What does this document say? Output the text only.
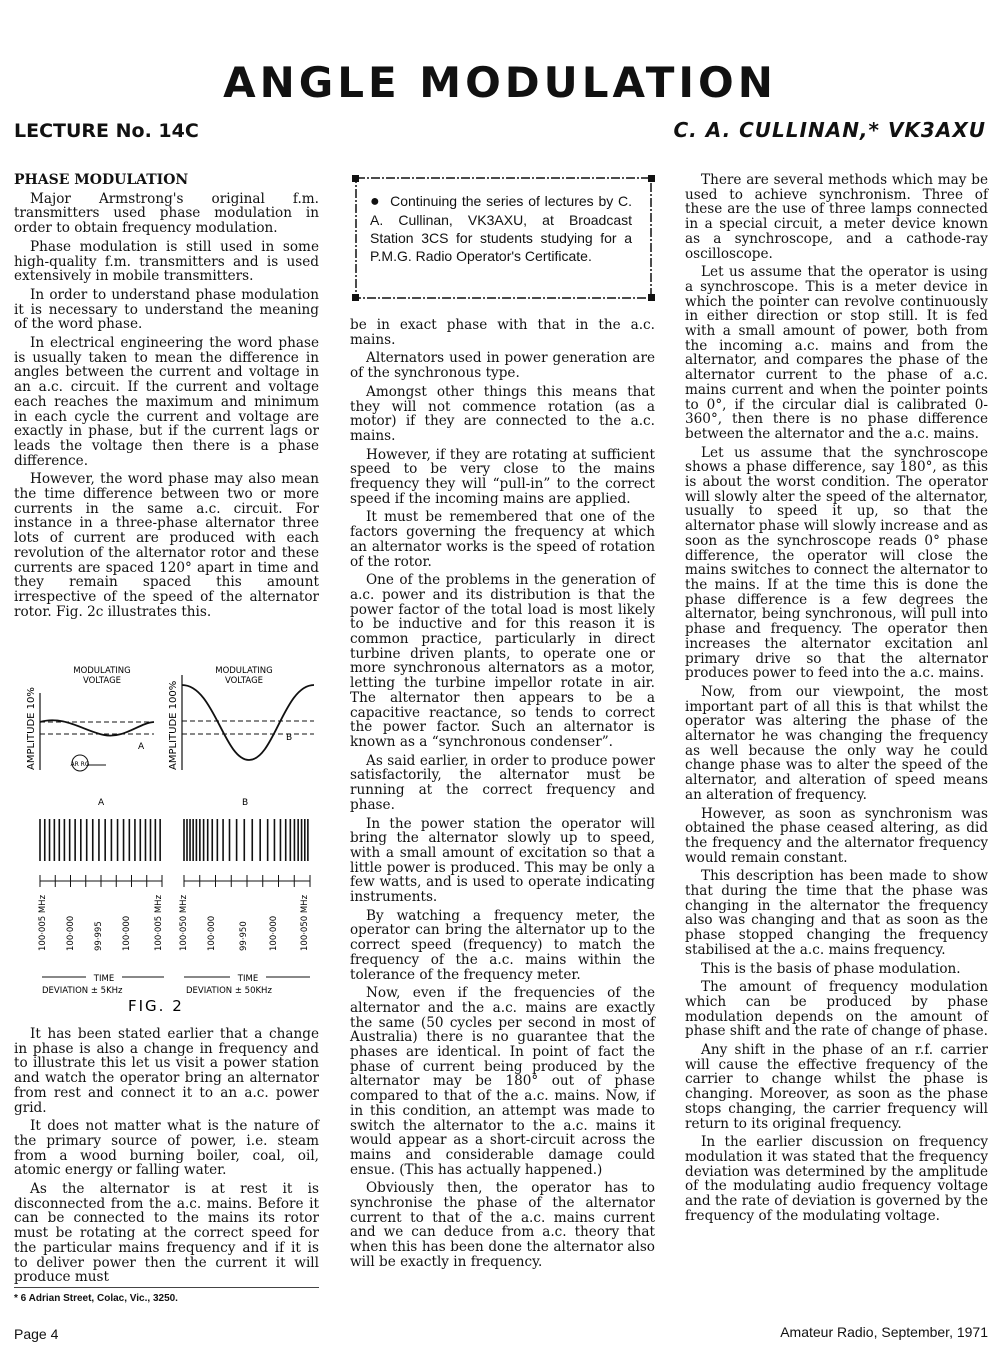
ANGLE MODULATION
LECTURE No. 14C	C. A. CULLINAN,* VK3AXU

PHASE MODULATION

Major Armstrong's original f.m. transmitters used phase modulation in order to obtain frequency modulation.

Phase modulation is still used in some high-quality f.m. transmitters and is used extensively in mobile transmitters.

In order to understand phase modulation it is necessary to understand the meaning of the word phase.

In electrical engineering the word phase is usually taken to mean the difference in angles between the current and voltage in an a.c. circuit. If the current and voltage each reaches the maximum and minimum in each cycle the current and voltage are exactly in phase, but if the current lags or leads the voltage then there is a phase difference.

However, the word phase may also mean the time difference between two or more currents in the same a.c. circuit. For instance in a three-phase alternator three lots of current are produced with each revolution of the alternator rotor and these currents are spaced 120° apart in time and they remain spaced this amount irrespective of the speed of the alternator rotor. Fig. 2c illustrates this.

MODULATING
VOLTAGE
AMPLITUDE 10%	A
AR RG
MODULATING
VOLTAGE
AMPLITUDE 100%	B
A	B
100·005 MHz 100·000 99·995 100·000	100·005 MHz 100·050 MHz 100·000	99·950 100·000 100·050 MHz
TIME	TIME
DEVIATION ± 5KHz	DEVIATION ± 50KHz
FIG. 2

It has been stated earlier that a change in phase is also a change in frequency and to illustrate this let us visit a power station and watch the operator bring an alternator from rest and connect it to an a.c. power grid.

It does not matter what is the nature of the primary source of power, i.e. steam from a wood burning boiler, coal, oil, atomic energy or falling water.

As the alternator is at rest it is disconnected from the a.c. mains. Before it can be connected to the mains its rotor must be rotating at the correct speed for the particular mains frequency and if it is to deliver power then the current it will produce must

● Continuing the series of lectures by C. A. Cullinan, VK3AXU, at Broadcast Station 3CS for students studying for a P.M.G. Radio Operator's Certificate.

be in exact phase with that in the a.c. mains.

Alternators used in power generation are of the synchronous type.

Amongst other things this means that they will not commence rotation (as a motor) if they are connected to the a.c. mains.

However, if they are rotating at sufficient speed to be very close to the mains frequency they will “pull-in” to the correct speed if the incoming mains are applied.

It must be remembered that one of the factors governing the frequency at which an alternator works is the speed of rotation of the rotor.

One of the problems in the generation of a.c. power and its distribution is that the power factor of the total load is most likely to be inductive and for this reason it is common practice, particularly in direct turbine driven plants, to operate one or more synchronous alternators as a motor, letting the turbine impellor rotate in air. The alternator then appears to be a capacitive reactance, so tends to correct the power factor. Such an alternator is known as a “synchronous condenser”.

As said earlier, in order to produce power satisfactorily, the alternator must be running at the correct frequency and phase.

In the power station the operator will bring the alternator slowly up to speed, with a small amount of excitation so that a little power is produced. This may be only a few watts, and is used to operate indicating instruments.

By watching a frequency meter, the operator can bring the alternator up to the correct speed (frequency) to match the frequency of the a.c. mains within the tolerance of the frequency meter.

Now, even if the frequencies of the alternator and the a.c. mains are exactly the same (50 cycles per second in most of Australia) there is no guarantee that the phases are identical. In point of fact the phase of current being produced by the alternator may be 180° out of phase compared to that of the a.c. mains. Now, if in this condition, an attempt was made to switch the alternator to the a.c. mains it would appear as a short-circuit across the mains and considerable damage could ensue. (This has actually happened.)

Obviously then, the operator has to synchronise the phase of the alternator current to that of the a.c. mains current and we can deduce from a.c. theory that when this has been done the alternator also will be exactly in frequency.

There are several methods which may be used to achieve synchronism. Three of these are the use of three lamps connected in a special circuit, a meter device known as a synchroscope, and a cathode-ray oscilloscope.

Let us assume that the operator is using a synchroscope. This is a meter device in which the pointer can revolve continuously in either direction or stop still. It is fed with a small amount of power, both from the incoming a.c. mains and from the alternator, and compares the phase of the alternator current to the phase of a.c. mains current and when the pointer points to 0°, if the circular dial is calibrated 0-360°, then there is no phase difference between the alternator and the a.c. mains.

Let us assume that the synchroscope shows a phase difference, say 180°, as this is about the worst condition. The operator will slowly alter the speed of the alternator, usually to speed it up, so that the alternator phase will slowly increase and as soon as the synchroscope reads 0° phase difference, the operator will close the mains switches to connect the alternator to the mains. If at the time this is done the phase difference is a few degrees the alternator, being synchronous, will pull into phase and frequency. The operator then increases the alternator excitation anl primary drive so that the alternator produces power to feed into the a.c. mains.

Now, from our viewpoint, the most important part of all this is that whilst the operator was altering the phase of the alternator he was changing the frequency as well because the only way he could change phase was to alter the speed of the alternator, and alteration of speed means an alteration of frequency.

However, as soon as synchronism was obtained the phase ceased altering, as did the frequency and the alternator frequency would remain constant.

This description has been made to show that during the time that the phase was changing in the alternator the frequency also was changing and that as soon as the phase stopped changing the frequency stabilised at the a.c. mains frequency.

This is the basis of phase modulation.

The amount of frequency modulation which can be produced by phase modulation depends on the amount of phase shift and the rate of change of phase.

Any shift in the phase of an r.f. carrier will cause the effective frequency of the carrier to change whilst the phase is changing. Moreover, as soon as the phase stops changing, the carrier frequency will return to its original frequency.

In the earlier discussion on frequency modulation it was stated that the frequency deviation was determined by the amplitude of the modulating audio frequency voltage and the rate of deviation is governed by the frequency of the modulating voltage.

* 6 Adrian Street, Colac, Vic., 3250.
Page 4	Amateur Radio, September, 1971
